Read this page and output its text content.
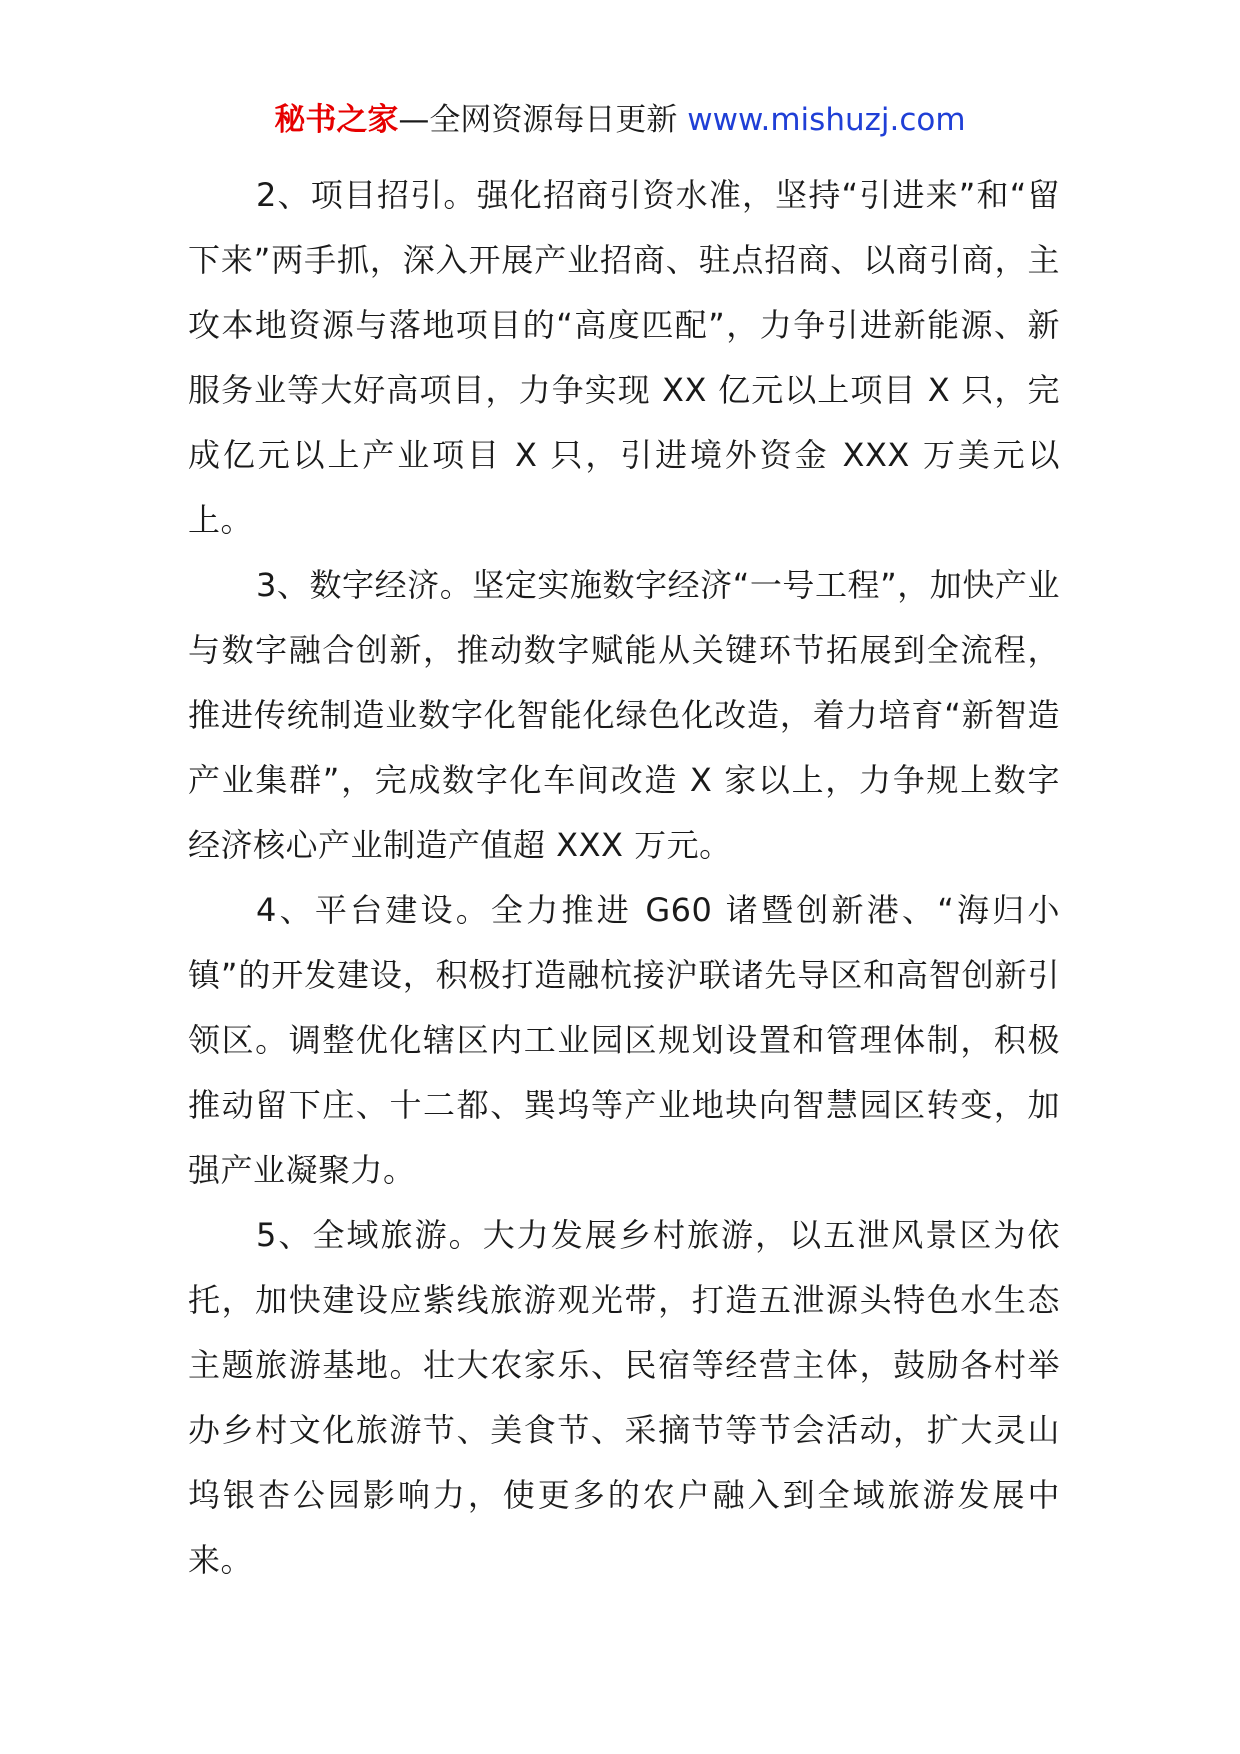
秘书之家—全网资源每日更新 www.mishuzj.com

2、项目招引。强化招商引资水准，坚持“引进来”和“留下来”两手抓，深入开展产业招商、驻点招商、以商引商，主攻本地资源与落地项目的“高度匹配”，力争引进新能源、新服务业等大好高项目，力争实现 XX 亿元以上项目 X 只，完成亿元以上产业项目 X 只，引进境外资金 XXX 万美元以上。

3、数字经济。坚定实施数字经济“一号工程”，加快产业与数字融合创新，推动数字赋能从关键环节拓展到全流程，推进传统制造业数字化智能化绿色化改造，着力培育“新智造产业集群”，完成数字化车间改造 X 家以上，力争规上数字经济核心产业制造产值超 XXX 万元。

4、平台建设。全力推进 G60 诸暨创新港、“海归小镇”的开发建设，积极打造融杭接沪联诸先导区和高智创新引领区。调整优化辖区内工业园区规划设置和管理体制，积极推动留下庄、十二都、巽坞等产业地块向智慧园区转变，加强产业凝聚力。

5、全域旅游。大力发展乡村旅游，以五泄风景区为依托，加快建设应紫线旅游观光带，打造五泄源头特色水生态主题旅游基地。壮大农家乐、民宿等经营主体，鼓励各村举办乡村文化旅游节、美食节、采摘节等节会活动，扩大灵山坞银杏公园影响力，使更多的农户融入到全域旅游发展中来。
